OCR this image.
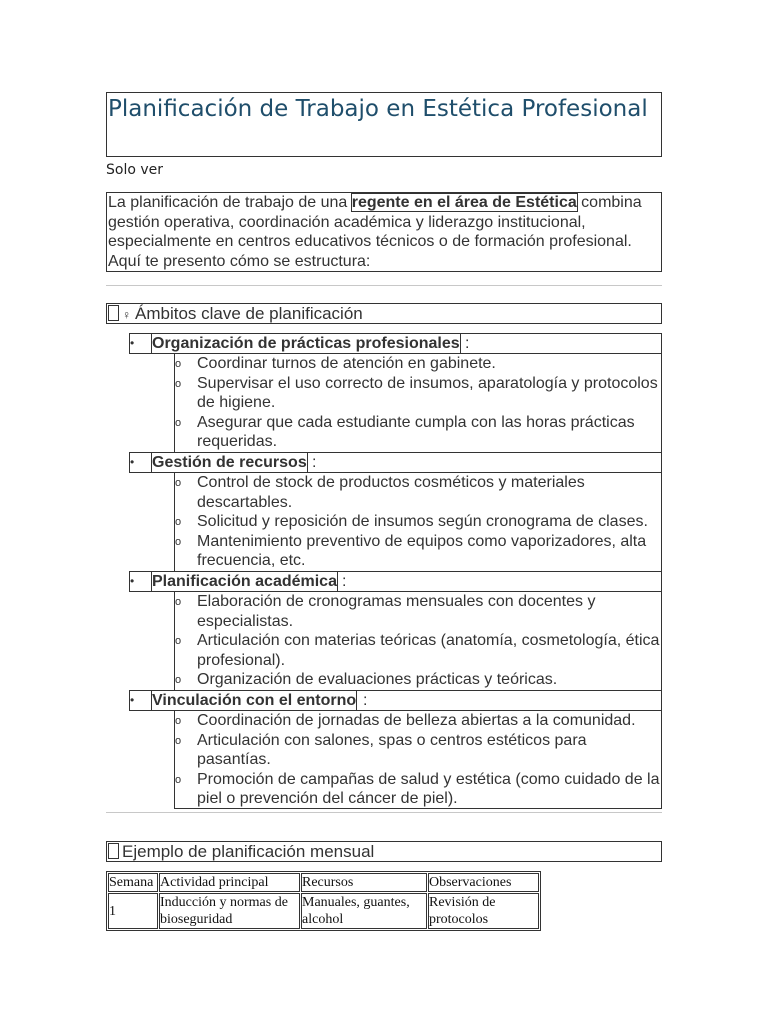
Planificación de Trabajo en Estética Profesional
Solo ver

La planificación de trabajo de una regente en el área de Estética combina gestión operativa, coordinación académica y liderazgo institucional, especialmente en centros educativos técnicos o de formación profesional. Aquí te presento cómo se estructura:

♀ Ámbitos clave de planificación
•	Organización de prácticas profesionales :
o Coordinar turnos de atención en gabinete.
o Supervisar el uso correcto de insumos, aparatología y protocolos de higiene.
o Asegurar que cada estudiante cumpla con las horas prácticas requeridas.
•	Gestión de recursos :
o Control de stock de productos cosméticos y materiales descartables.
o Solicitud y reposición de insumos según cronograma de clases.
o Mantenimiento preventivo de equipos como vaporizadores, alta frecuencia, etc.
•	Planificación académica :
o Elaboración de cronogramas mensuales con docentes y especialistas.
o Articulación con materias teóricas (anatomía, cosmetología, ética profesional).
o Organización de evaluaciones prácticas y teóricas.
•	Vinculación con el entorno :
o Coordinación de jornadas de belleza abiertas a la comunidad.
o Articulación con salones, spas o centros estéticos para pasantías.
o Promoción de campañas de salud y estética (como cuidado de la piel o prevención del cáncer de piel).
Ejemplo de planificación mensual
Semana	Actividad principal	Recursos	Observaciones
1	Inducción y normas de bioseguridad	Manuales, guantes, alcohol	Revisión de protocolos
